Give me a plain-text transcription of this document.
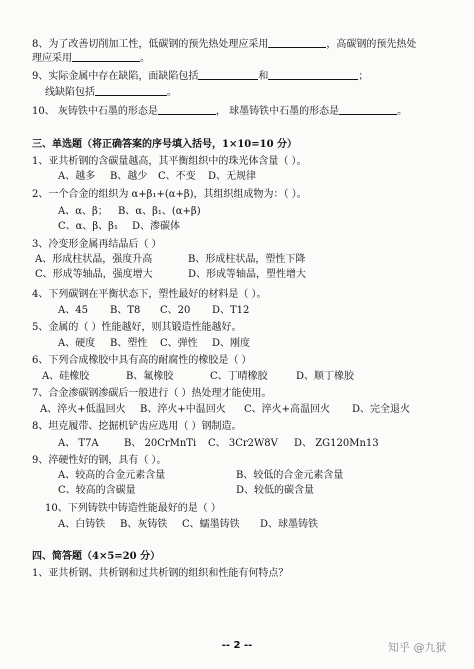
8、为了改善切削加工性，低碳钢的预先热处理应采用	，高碳钢的预先热处
理应采用	。
9、实际金属中存在缺陷，面缺陷包括	和	；
线缺陷包括	。
10、 灰铸铁中石墨的形态是	， 球墨铸铁中石墨的形态是	。
三、单选题（将正确答案的序号填入括号，1×10=10 分）
1、亚共析钢的含碳量越高，其平衡组织中的珠光体含量（ ）。
A、越多 B、越少 C、不变 D、无规律
2、一个合金的组织为 α+β₁+(α+β)，其组织组成物为：（ ）。
A、α、β； B、α、β₁、(α+β)
C、α、β、β₁ D、渗碳体
3、冷变形金属再结晶后（ ）
A、形成柱状晶，强度升高	B、形成柱状晶，塑性下降
C、形成等轴晶，强度增大	D、形成等轴晶，塑性增大
4、下列碳钢在平衡状态下，塑性最好的材料是（ ）。
A、45 B、T8 C、20 D、T12
5、金属的（ ）性能越好，则其锻造性能越好。
A、硬度 B、塑性 C、弹性 D、刚度
6、下列合成橡胶中具有高的耐腐性的橡胶是（ ）
A、硅橡胶	B、氟橡胶	C、丁晴橡胶	D、顺丁橡胶
7、合金渗碳钢渗碳后一般进行（ ）热处理才能使用。
A、淬火+低温回火 B、淬火+中温回火 C、淬火+高温回火 D、完全退火
8、坦克履带、挖掘机铲齿应选用（ ）钢制造。
A、 T7A	B、 20CrMnTi C、 3Cr2W8V D、 ZG120Mn13
9、淬硬性好的钢，具有（ ）。
A、较高的合金元素含量	B、较低的合金元素含量
C、较高的含碳量	D、较低的碳含量
10、下列铸铁中铸造性能最好的是（ ）
A、白铸铁 B、灰铸铁 C、蠕墨铸铁 D、球墨铸铁
四、简答题（4×5=20 分）
1、亚共析钢、共析钢和过共析钢的组织和性能有何特点？
-- 2 --	知乎 @九狱
